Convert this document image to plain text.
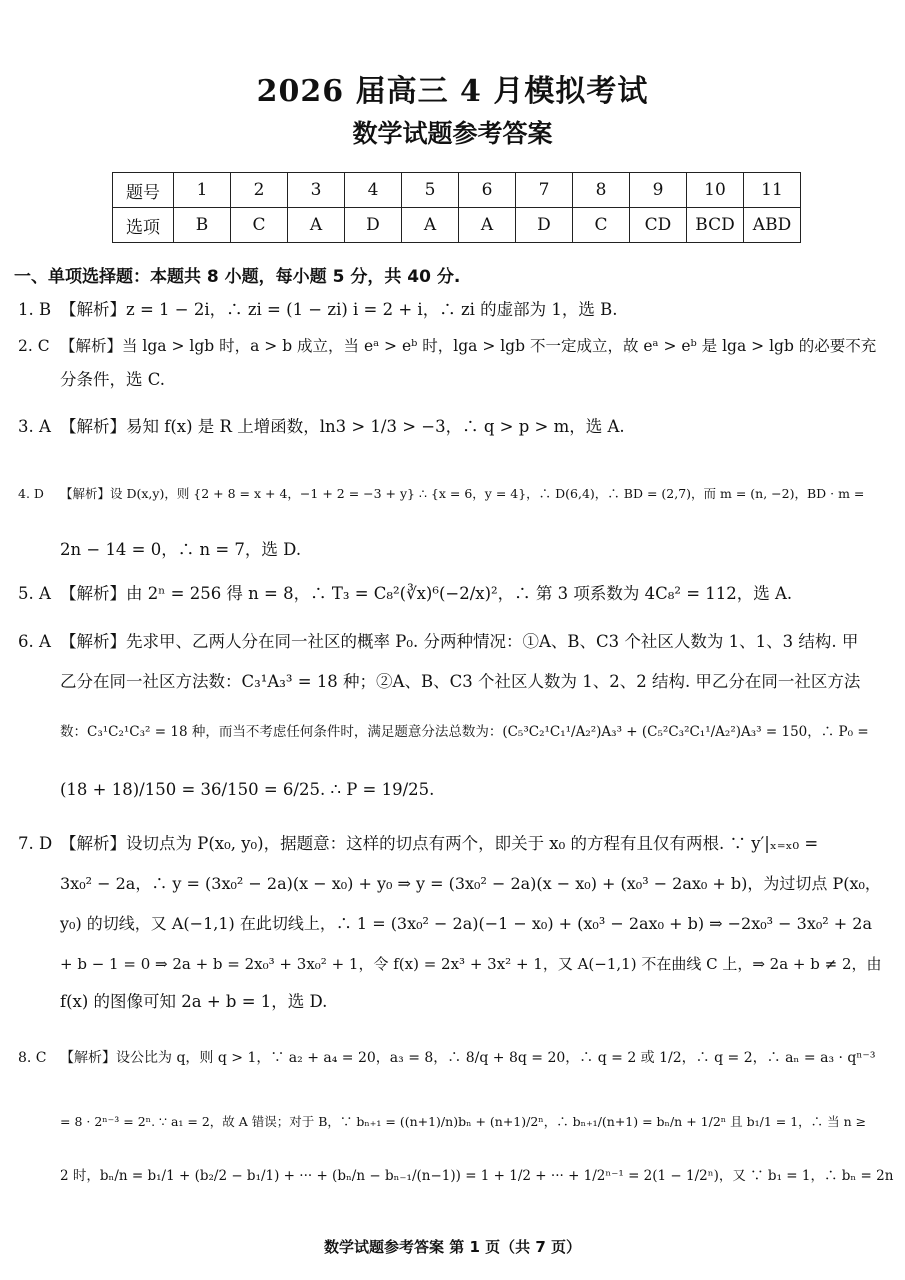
2026 届高三 4 月模拟考试
数学试题参考答案
题号	1	2	3	4	5	6	7	8	9	10	11
选项	B	C	A	D	A	A	D	C	CD	BCD	ABD
一、单项选择题：本题共 8 小题，每小题 5 分，共 40 分.
1. B 【解析】z = 1 − 2i，∴ zi = (1 − zi) i = 2 + i，∴ zi 的虚部为 1，选 B.
2. C 【解析】当 lga > lgb 时，a > b 成立，当 eᵃ > eᵇ 时，lga > lgb 不一定成立，故 eᵃ > eᵇ 是 lga > lgb 的必要不充
分条件，选 C.
3. A 【解析】易知 f(x) 是 R 上增函数，ln3 > 1/3 > −3，∴ q > p > m，选 A.
4. D 【解析】设 D(x,y)，则 {2 + 8 = x + 4，−1 + 2 = −3 + y} ∴ {x = 6，y = 4}，∴ D(6,4)，∴ BD = (2,7)，而 m = (n, −2)，BD · m =
2n − 14 = 0，∴ n = 7，选 D.
5. A 【解析】由 2ⁿ = 256 得 n = 8，∴ T₃ = C₈²(∛x)⁶(−2/x)²，∴ 第 3 项系数为 4C₈² = 112，选 A.
6. A 【解析】先求甲、乙两人分在同一社区的概率 P₀. 分两种情况：①A、B、C3 个社区人数为 1、1、3 结构. 甲
乙分在同一社区方法数：C₃¹A₃³ = 18 种；②A、B、C3 个社区人数为 1、2、2 结构. 甲乙分在同一社区方法
数：C₃¹C₂¹C₃² = 18 种，而当不考虑任何条件时，满足题意分法总数为：(C₅³C₂¹C₁¹/A₂²)A₃³ + (C₅²C₃²C₁¹/A₂²)A₃³ = 150，∴ P₀ =
(18 + 18)/150 = 36/150 = 6/25. ∴ P = 19/25.
7. D 【解析】设切点为 P(x₀, y₀)，据题意：这样的切点有两个，即关于 x₀ 的方程有且仅有两根. ∵ y′|ₓ₌ₓ₀ =
3x₀² − 2a，∴ y = (3x₀² − 2a)(x − x₀) + y₀ ⇒ y = (3x₀² − 2a)(x − x₀) + (x₀³ − 2ax₀ + b)，为过切点 P(x₀，
y₀) 的切线，又 A(−1,1) 在此切线上，∴ 1 = (3x₀² − 2a)(−1 − x₀) + (x₀³ − 2ax₀ + b) ⇒ −2x₀³ − 3x₀² + 2a
+ b − 1 = 0 ⇒ 2a + b = 2x₀³ + 3x₀² + 1，令 f(x) = 2x³ + 3x² + 1，又 A(−1,1) 不在曲线 C 上，⇒ 2a + b ≠ 2，由
f(x) 的图像可知 2a + b = 1，选 D.
8. C 【解析】设公比为 q，则 q > 1，∵ a₂ + a₄ = 20，a₃ = 8，∴ 8/q + 8q = 20，∴ q = 2 或 1/2，∴ q = 2，∴ aₙ = a₃ · qⁿ⁻³
= 8 · 2ⁿ⁻³ = 2ⁿ. ∵ a₁ = 2，故 A 错误；对于 B，∵ bₙ₊₁ = ((n+1)/n)bₙ + (n+1)/2ⁿ，∴ bₙ₊₁/(n+1) = bₙ/n + 1/2ⁿ 且 b₁/1 = 1，∴ 当 n ≥
2 时，bₙ/n = b₁/1 + (b₂/2 − b₁/1) + ··· + (bₙ/n − bₙ₋₁/(n−1)) = 1 + 1/2 + ··· + 1/2ⁿ⁻¹ = 2(1 − 1/2ⁿ)，又 ∵ b₁ = 1，∴ bₙ = 2n
数学试题参考答案 第 1 页（共 7 页）
